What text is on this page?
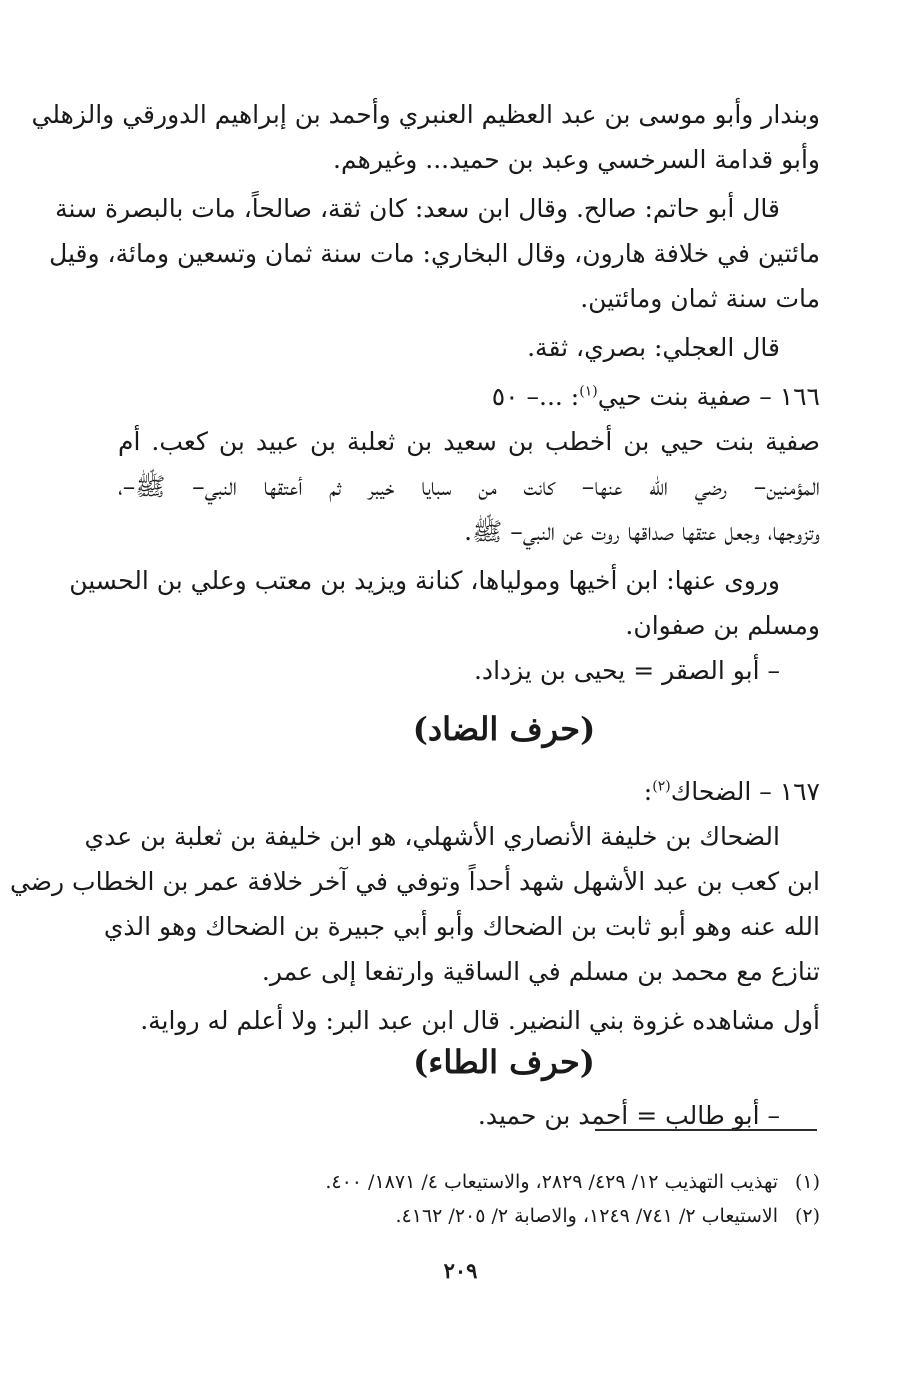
وبندار وأبو موسى بن عبد العظيم العنبري وأحمد بن إبراهيم الدورقي والزهلي

وأبو قدامة السرخسي وعبد بن حميد... وغيرهم.

قال أبو حاتم: صالح. وقال ابن سعد: كان ثقة، صالحاً، مات بالبصرة سنة

مائتين في خلافة هارون، وقال البخاري: مات سنة ثمان وتسعين ومائة، وقيل

مات سنة ثمان ومائتين.

قال العجلي: بصري، ثقة.

١٦٦ – صفية بنت حيي$^{(١)}$: ...– ٥٠

صفية بنت حيي بن أخطب بن سعيد بن ثعلبة بن عبيد بن كعب. أم

المؤمنين– رضي الله عنها– كانت من سبايا خيبر ثم أعتقها النبي– ﷺ–،

وتزوجها، وجعل عتقها صداقها روت عن النبي– ﷺ.

وروى عنها: ابن أخيها ومولياها، كنانة ويزيد بن معتب وعلي بن الحسين

ومسلم بن صفوان.

– أبو الصقر = يحيى بن يزداد.

(حرف الضاد)
١٦٧ – الضحاك$^{(٢)}$:

الضحاك بن خليفة الأنصاري الأشهلي، هو ابن خليفة بن ثعلبة بن عدي

ابن كعب بن عبد الأشهل شهد أحداً وتوفي في آخر خلافة عمر بن الخطاب رضي

الله عنه وهو أبو ثابت بن الضحاك وأبو أبي جبيرة بن الضحاك وهو الذي

تنازع مع محمد بن مسلم في الساقية وارتفعا إلى عمر.

أول مشاهده غزوة بني النضير. قال ابن عبد البر: ولا أعلم له رواية.

(حرف الطاء)

– أبو طالب = أحمد بن حميد.

(١)تهذيب التهذيب ١٢/ ٤٢٩/ ٢٨٢٩، والاستيعاب ٤/ ١٨٧١/ ٤٠٠.
(٢)الاستيعاب ٢/ ٧٤١/ ١٢٤٩، والاصابة ٢/ ٢٠٥/ ٤١٦٢.
٢٠٩
